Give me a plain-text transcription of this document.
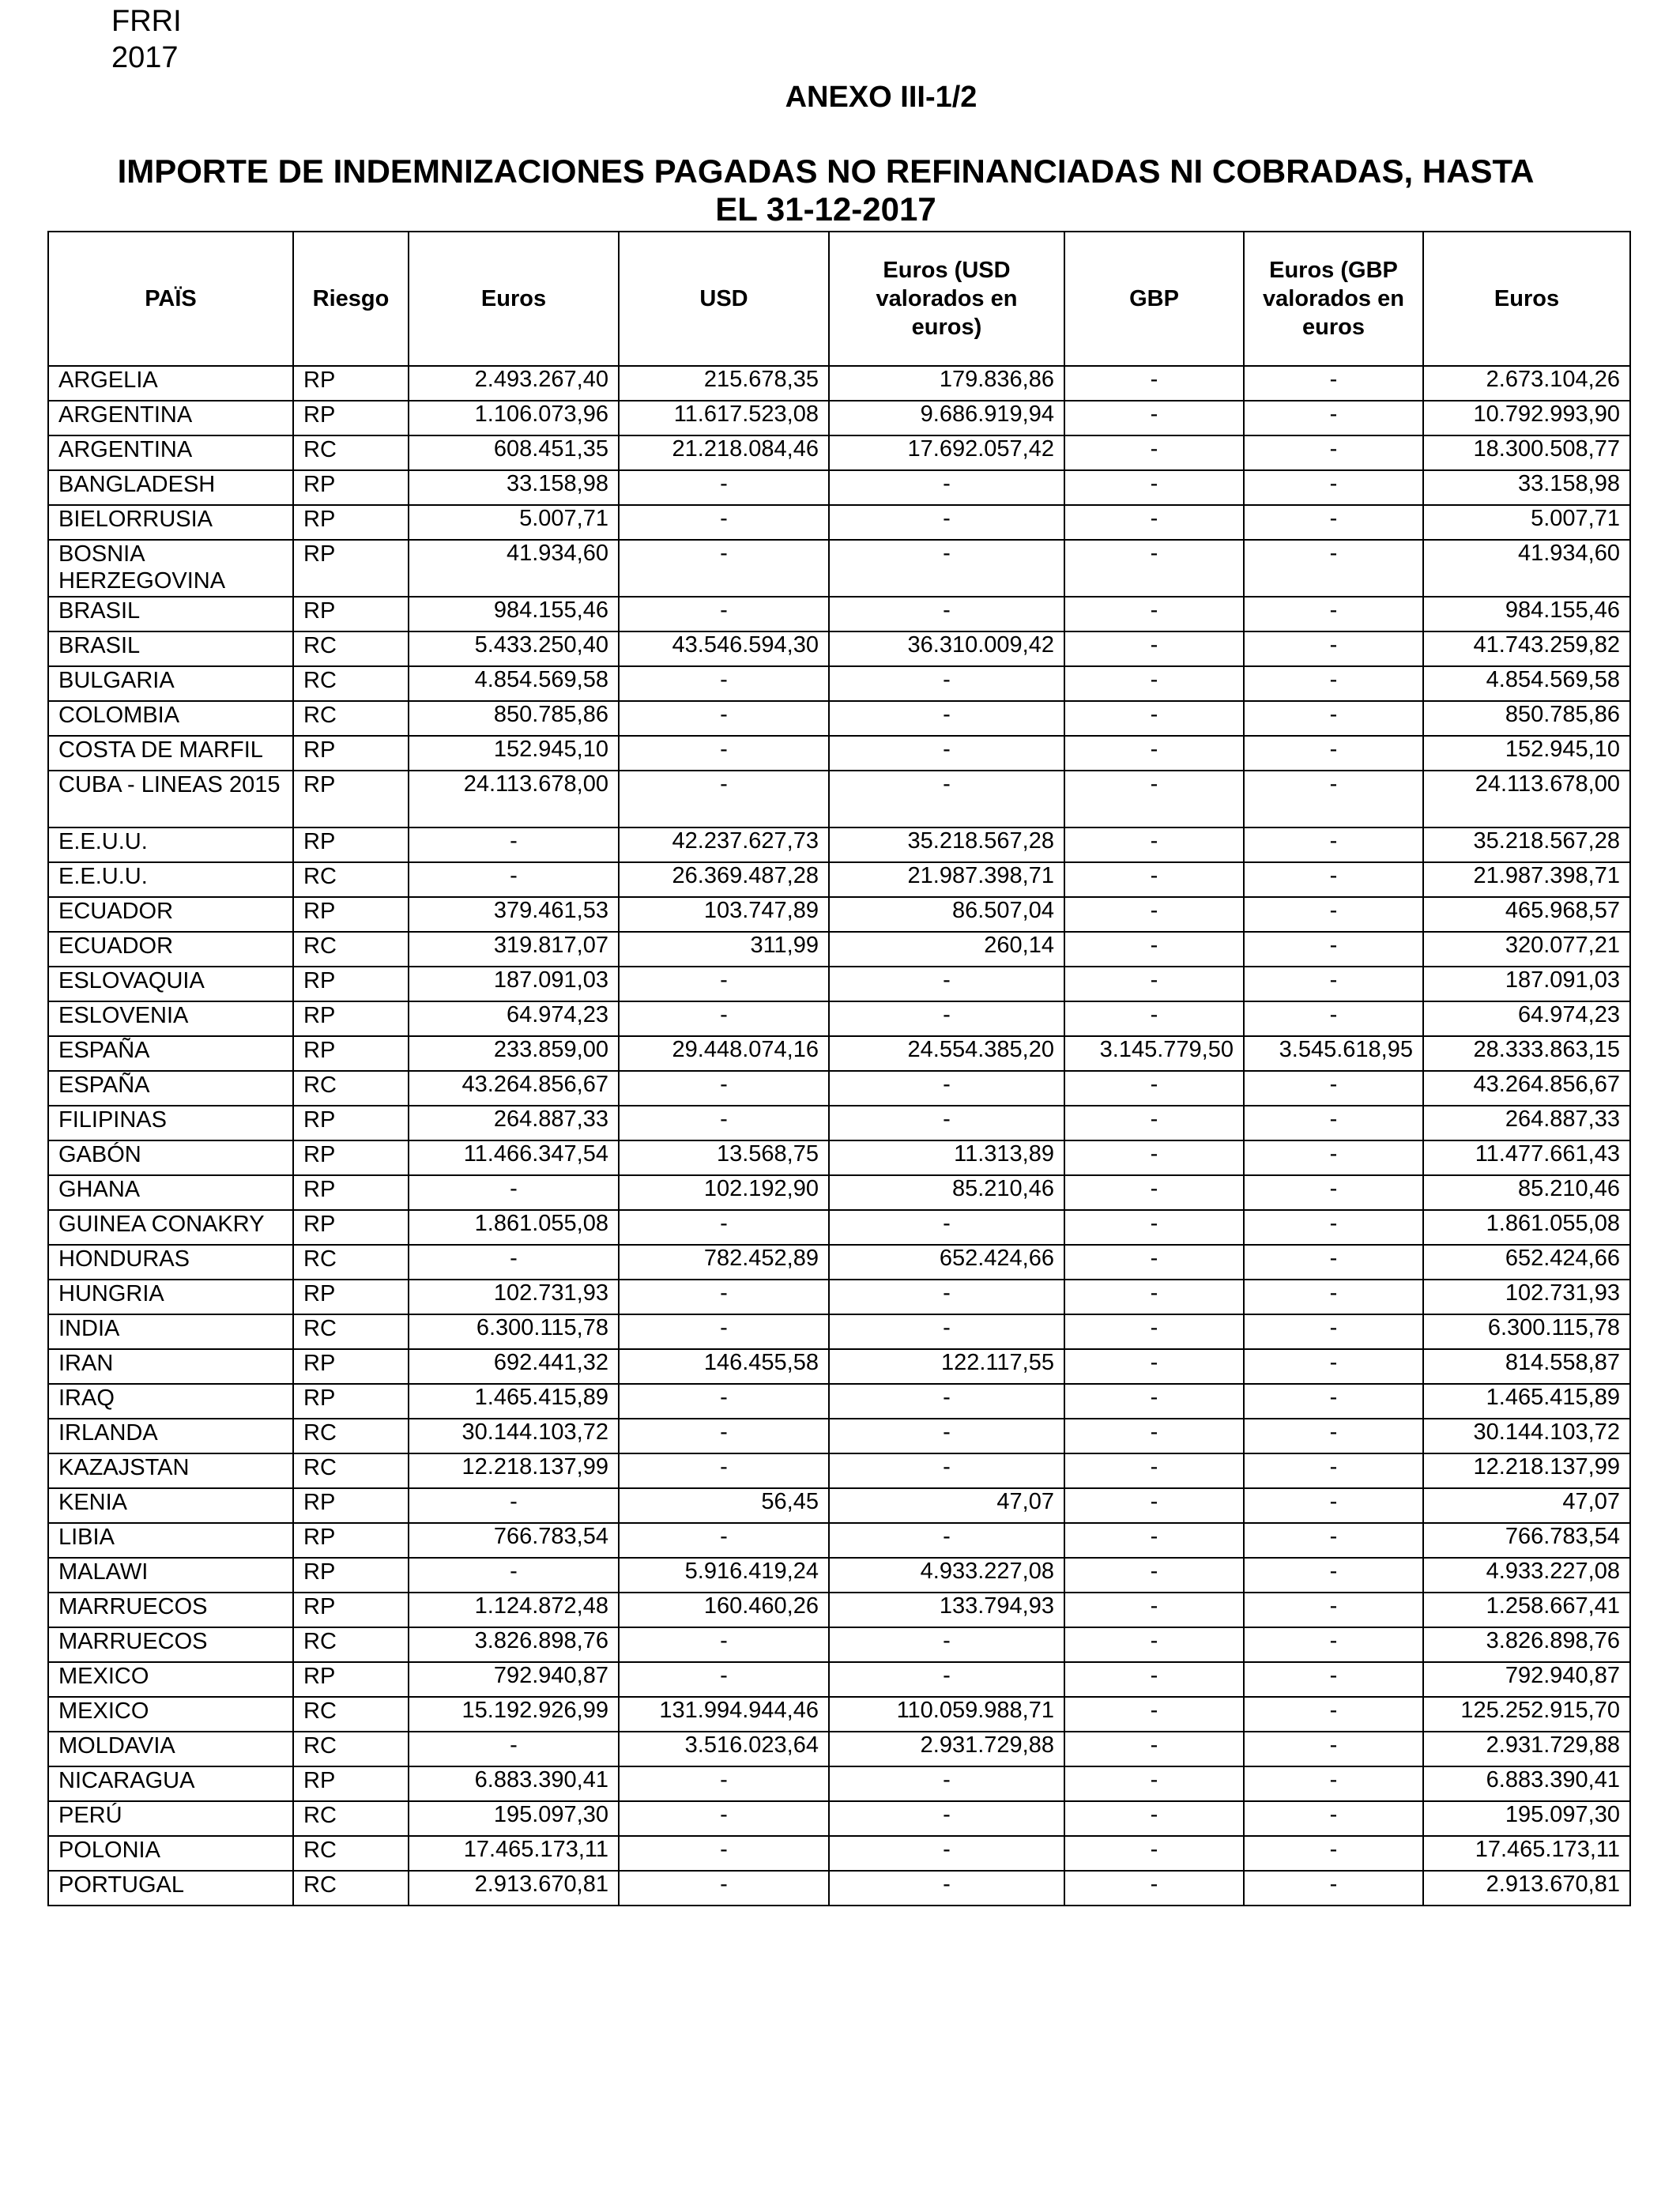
FRRI
2017
ANEXO III-1/2
IMPORTE DE INDEMNIZACIONES PAGADAS NO REFINANCIADAS NI COBRADAS, HASTA
EL 31-12-2017
PAÏS	Riesgo	Euros	USD	Euros (USD valorados en euros)	GBP	Euros (GBP valorados en euros	Euros
ARGELIA	RP	2.493.267,40	215.678,35	179.836,86	-	-	2.673.104,26
ARGENTINA	RP	1.106.073,96	11.617.523,08	9.686.919,94	-	-	10.792.993,90
ARGENTINA	RC	608.451,35	21.218.084,46	17.692.057,42	-	-	18.300.508,77
BANGLADESH	RP	33.158,98	-	-	-	-	33.158,98
BIELORRUSIA	RP	5.007,71	-	-	-	-	5.007,71
BOSNIA HERZEGOVINA	RP	41.934,60	-	-	-	-	41.934,60
BRASIL	RP	984.155,46	-	-	-	-	984.155,46
BRASIL	RC	5.433.250,40	43.546.594,30	36.310.009,42	-	-	41.743.259,82
BULGARIA	RC	4.854.569,58	-	-	-	-	4.854.569,58
COLOMBIA	RC	850.785,86	-	-	-	-	850.785,86
COSTA DE MARFIL	RP	152.945,10	-	-	-	-	152.945,10
CUBA - LINEAS 2015	RP	24.113.678,00	-	-	-	-	24.113.678,00
E.E.U.U.	RP	-	42.237.627,73	35.218.567,28	-	-	35.218.567,28
E.E.U.U.	RC	-	26.369.487,28	21.987.398,71	-	-	21.987.398,71
ECUADOR	RP	379.461,53	103.747,89	86.507,04	-	-	465.968,57
ECUADOR	RC	319.817,07	311,99	260,14	-	-	320.077,21
ESLOVAQUIA	RP	187.091,03	-	-	-	-	187.091,03
ESLOVENIA	RP	64.974,23	-	-	-	-	64.974,23
ESPAÑA	RP	233.859,00	29.448.074,16	24.554.385,20	3.145.779,50	3.545.618,95	28.333.863,15
ESPAÑA	RC	43.264.856,67	-	-	-	-	43.264.856,67
FILIPINAS	RP	264.887,33	-	-	-	-	264.887,33
GABÓN	RP	11.466.347,54	13.568,75	11.313,89	-	-	11.477.661,43
GHANA	RP	-	102.192,90	85.210,46	-	-	85.210,46
GUINEA CONAKRY	RP	1.861.055,08	-	-	-	-	1.861.055,08
HONDURAS	RC	-	782.452,89	652.424,66	-	-	652.424,66
HUNGRIA	RP	102.731,93	-	-	-	-	102.731,93
INDIA	RC	6.300.115,78	-	-	-	-	6.300.115,78
IRAN	RP	692.441,32	146.455,58	122.117,55	-	-	814.558,87
IRAQ	RP	1.465.415,89	-	-	-	-	1.465.415,89
IRLANDA	RC	30.144.103,72	-	-	-	-	30.144.103,72
KAZAJSTAN	RC	12.218.137,99	-	-	-	-	12.218.137,99
KENIA	RP	-	56,45	47,07	-	-	47,07
LIBIA	RP	766.783,54	-	-	-	-	766.783,54
MALAWI	RP	-	5.916.419,24	4.933.227,08	-	-	4.933.227,08
MARRUECOS	RP	1.124.872,48	160.460,26	133.794,93	-	-	1.258.667,41
MARRUECOS	RC	3.826.898,76	-	-	-	-	3.826.898,76
MEXICO	RP	792.940,87	-	-	-	-	792.940,87
MEXICO	RC	15.192.926,99	131.994.944,46	110.059.988,71	-	-	125.252.915,70
MOLDAVIA	RC	-	3.516.023,64	2.931.729,88	-	-	2.931.729,88
NICARAGUA	RP	6.883.390,41	-	-	-	-	6.883.390,41
PERÚ	RC	195.097,30	-	-	-	-	195.097,30
POLONIA	RC	17.465.173,11	-	-	-	-	17.465.173,11
PORTUGAL	RC	2.913.670,81	-	-	-	-	2.913.670,81
